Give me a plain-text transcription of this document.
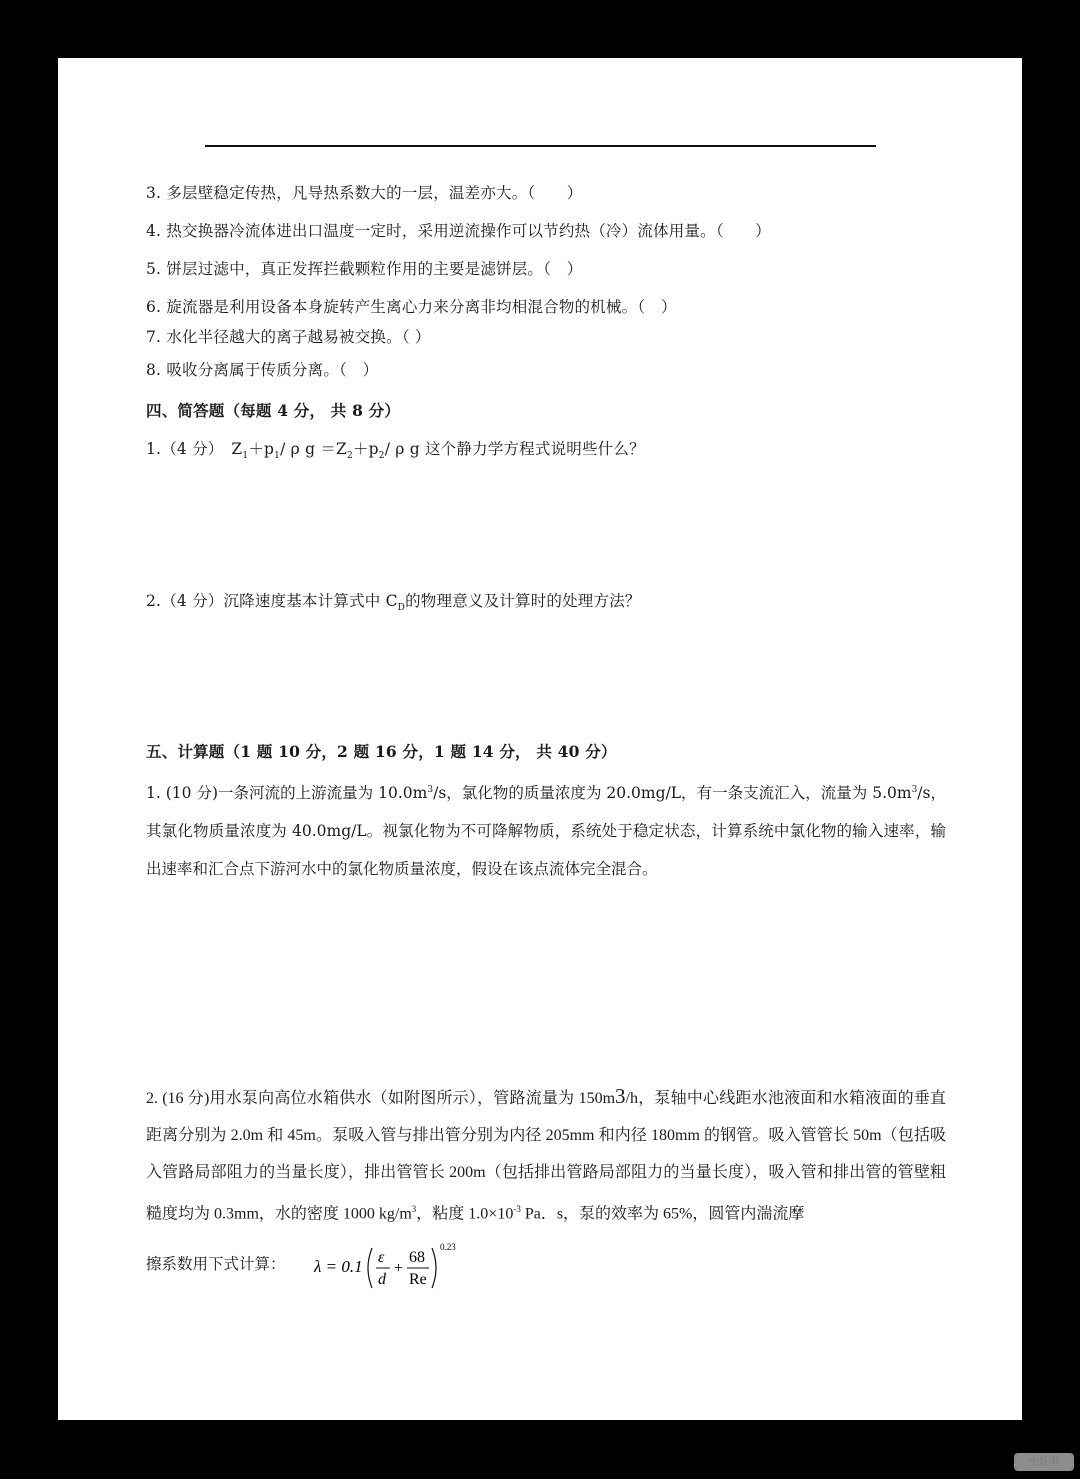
3. 多层壁稳定传热，凡导热系数大的一层，温差亦大。（　　）
4. 热交换器冷流体进出口温度一定时，采用逆流操作可以节约热（冷）流体用量。（　　）
5. 饼层过滤中，真正发挥拦截颗粒作用的主要是滤饼层。（　）
6. 旋流器是利用设备本身旋转产生离心力来分离非均相混合物的机械。（　）
7. 水化半径越大的离子越易被交换。（ ）
8. 吸收分离属于传质分离。（　）
四、简答题（每题 4 分， 共 8 分）
1.（4 分）　$Z_1+p_1/$ ρ $g =Z_2+p_2/$ ρ g 这个静力学方程式说明些什么？
2.（4 分）沉降速度基本计算式中 $C_D$的物理意义及计算时的处理方法？
五、计算题（1 题 10 分，2 题 16 分，1 题 14 分， 共 40 分）
1. (10 分)一条河流的上游流量为 $10.0m^3/s$，氯化物的质量浓度为 20.0mg/L，有一条支流汇入，流量为 $5.0m^3/s$，其氯化物质量浓度为 40.0mg/L。视氯化物为不可降解物质，系统处于稳定状态，计算系统中氯化物的输入速率，输出速率和汇合点下游河水中的氯化物质量浓度，假设在该点流体完全混合。
2. (16 分)用水泵向高位水箱供水（如附图所示），管路流量为 150m3/h，泵轴中心线距水池液面和水箱液面的垂直距离分别为 2.0m 和 45m。泵吸入管与排出管分别为内径 205mm 和内径 180mm 的钢管。吸入管管长 50m（包括吸入管路局部阻力的当量长度），排出管管长 200m（包括排出管路局部阻力的当量长度），吸入管和排出管的管壁粗糙度均为 0.3mm，水的密度 1000 $kg/m^3$，粘度 $1.0\times 10^{-3}$ Pa．s，泵的效率为 65%，圆管内湍流摩
擦系数用下式计算： λ = 0.1 ε
d
+
68
Re
0.23
小红书
